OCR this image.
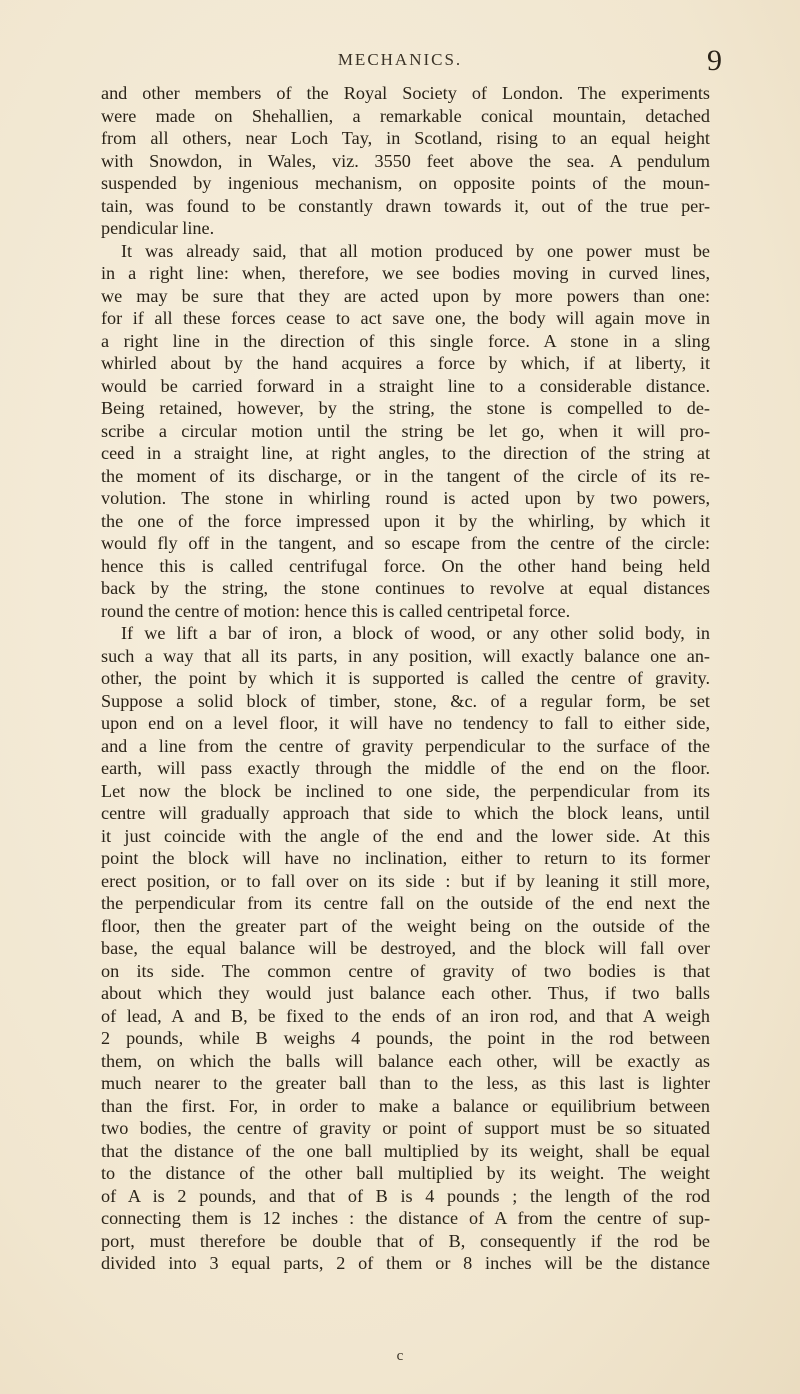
MECHANICS.	9
and other members of the Royal Society of London. The experiments
were made on Shehallien, a remarkable conical mountain, detached
from all others, near Loch Tay, in Scotland, rising to an equal height
with Snowdon, in Wales, viz. 3550 feet above the sea. A pendulum
suspended by ingenious mechanism, on opposite points of the moun-
tain, was found to be constantly drawn towards it, out of the true per-
pendicular line.
It was already said, that all motion produced by one power must be
in a right line: when, therefore, we see bodies moving in curved lines,
we may be sure that they are acted upon by more powers than one:
for if all these forces cease to act save one, the body will again move in
a right line in the direction of this single force. A stone in a sling
whirled about by the hand acquires a force by which, if at liberty, it
would be carried forward in a straight line to a considerable distance.
Being retained, however, by the string, the stone is compelled to de-
scribe a circular motion until the string be let go, when it will pro-
ceed in a straight line, at right angles, to the direction of the string at
the moment of its discharge, or in the tangent of the circle of its re-
volution. The stone in whirling round is acted upon by two powers,
the one of the force impressed upon it by the whirling, by which it
would fly off in the tangent, and so escape from the centre of the circle:
hence this is called centrifugal force. On the other hand being held
back by the string, the stone continues to revolve at equal distances
round the centre of motion: hence this is called centripetal force.
If we lift a bar of iron, a block of wood, or any other solid body, in
such a way that all its parts, in any position, will exactly balance one an-
other, the point by which it is supported is called the centre of gravity.
Suppose a solid block of timber, stone, &c. of a regular form, be set
upon end on a level floor, it will have no tendency to fall to either side,
and a line from the centre of gravity perpendicular to the surface of the
earth, will pass exactly through the middle of the end on the floor.
Let now the block be inclined to one side, the perpendicular from its
centre will gradually approach that side to which the block leans, until
it just coincide with the angle of the end and the lower side. At this
point the block will have no inclination, either to return to its former
erect position, or to fall over on its side : but if by leaning it still more,
the perpendicular from its centre fall on the outside of the end next the
floor, then the greater part of the weight being on the outside of the
base, the equal balance will be destroyed, and the block will fall over
on its side. The common centre of gravity of two bodies is that
about which they would just balance each other. Thus, if two balls
of lead, A and B, be fixed to the ends of an iron rod, and that A weigh
2 pounds, while B weighs 4 pounds, the point in the rod between
them, on which the balls will balance each other, will be exactly as
much nearer to the greater ball than to the less, as this last is lighter
than the first. For, in order to make a balance or equilibrium between
two bodies, the centre of gravity or point of support must be so situated
that the distance of the one ball multiplied by its weight, shall be equal
to the distance of the other ball multiplied by its weight. The weight
of A is 2 pounds, and that of B is 4 pounds ; the length of the rod
connecting them is 12 inches : the distance of A from the centre of sup-
port, must therefore be double that of B, consequently if the rod be
divided into 3 equal parts, 2 of them or 8 inches will be the distance
c
